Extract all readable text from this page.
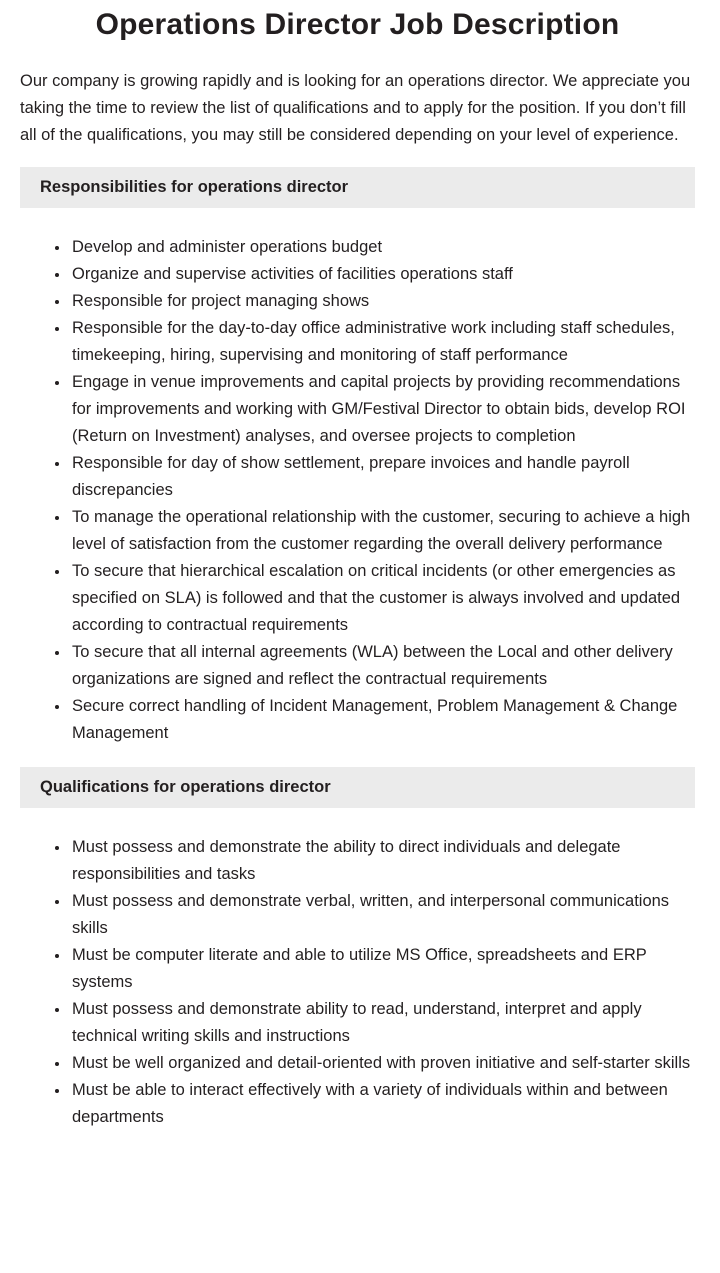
Operations Director Job Description

Our company is growing rapidly and is looking for an operations director. We appreciate you taking the time to review the list of qualifications and to apply for the position. If you don’t fill all of the qualifications, you may still be considered depending on your level of experience.

Responsibilities for operations director
• Develop and administer operations budget
• Organize and supervise activities of facilities operations staff
• Responsible for project managing shows
• Responsible for the day-to-day office administrative work including staff schedules, timekeeping, hiring, supervising and monitoring of staff performance
• Engage in venue improvements and capital projects by providing recommendations for improvements and working with GM/Festival Director to obtain bids, develop ROI (Return on Investment) analyses, and oversee projects to completion
• Responsible for day of show settlement, prepare invoices and handle payroll discrepancies
• To manage the operational relationship with the customer, securing to achieve a high level of satisfaction from the customer regarding the overall delivery performance
• To secure that hierarchical escalation on critical incidents (or other emergencies as specified on SLA) is followed and that the customer is always involved and updated according to contractual requirements
• To secure that all internal agreements (WLA) between the Local and other delivery organizations are signed and reflect the contractual requirements
• Secure correct handling of Incident Management, Problem Management & Change Management
Qualifications for operations director
• Must possess and demonstrate the ability to direct individuals and delegate responsibilities and tasks
• Must possess and demonstrate verbal, written, and interpersonal communications skills
• Must be computer literate and able to utilize MS Office, spreadsheets and ERP systems
• Must possess and demonstrate ability to read, understand, interpret and apply technical writing skills and instructions
• Must be well organized and detail-oriented with proven initiative and self-starter skills
• Must be able to interact effectively with a variety of individuals within and between departments
